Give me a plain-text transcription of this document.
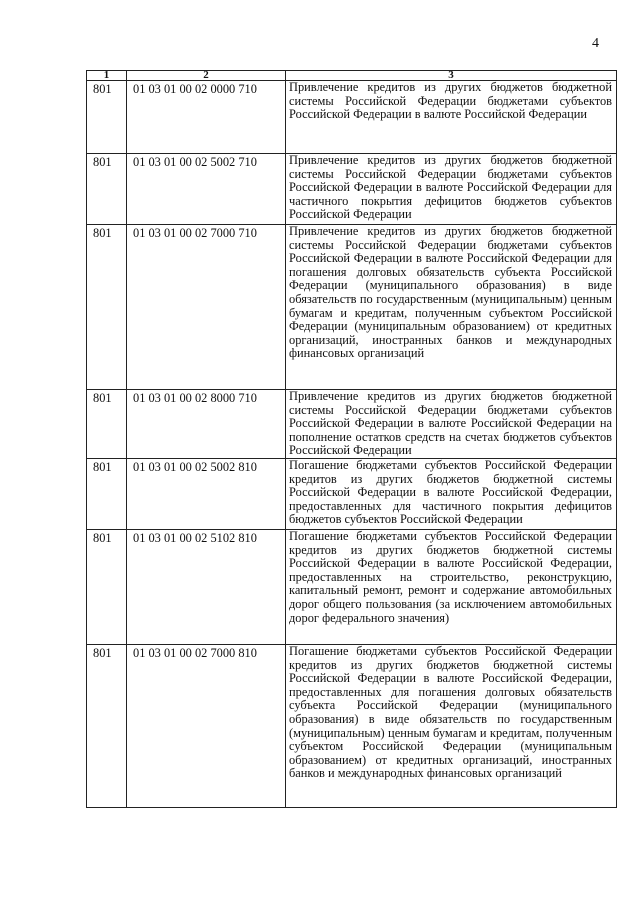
4
1	2	3
801	01 03 01 00 02 0000 710	Привлечение кредитов из других бюджетов бюджетной системы Российской Федерации бюджетами субъектов Российской Федерации в валюте Российской Федерации
801	01 03 01 00 02 5002 710	Привлечение кредитов из других бюджетов бюджетной системы Российской Федерации бюджетами субъектов Российской Федерации в валюте Российской Федерации для частичного покрытия дефицитов бюджетов субъектов Российской Федерации
801	01 03 01 00 02 7000 710	Привлечение кредитов из других бюджетов бюджетной системы Российской Федерации бюджетами субъектов Российской Федерации в валюте Российской Федерации для погашения долговых обязательств субъекта Российской Федерации (муниципального образования) в виде обязательств по государственным (муниципальным) ценным бумагам и кредитам, полученным субъектом Российской Федерации (муниципальным образованием) от кредитных организаций, иностранных банков и международных финансовых организаций
801	01 03 01 00 02 8000 710	Привлечение кредитов из других бюджетов бюджетной системы Российской Федерации бюджетами субъектов Российской Федерации в валюте Российской Федерации на пополнение остатков средств на счетах бюджетов субъектов Российской Федерации
801	01 03 01 00 02 5002 810	Погашение бюджетами субъектов Российской Федерации кредитов из других бюджетов бюджетной системы Российской Федерации в валюте Российской Федерации, предоставленных для частичного покрытия дефицитов бюджетов субъектов Российской Федерации
801	01 03 01 00 02 5102 810	Погашение бюджетами субъектов Российской Федерации кредитов из других бюджетов бюджетной системы Российской Федерации в валюте Российской Федерации, предоставленных на строительство, реконструкцию, капитальный ремонт, ремонт и содержание автомобильных дорог общего пользования (за исключением автомобильных дорог федерального значения)
801	01 03 01 00 02 7000 810	Погашение бюджетами субъектов Российской Федерации кредитов из других бюджетов бюджетной системы Российской Федерации в валюте Российской Федерации, предоставленных для погашения долговых обязательств субъекта Российской Федерации (муниципального образования) в виде обязательств по государственным (муниципальным) ценным бумагам и кредитам, полученным субъектом Российской Федерации (муниципальным образованием) от кредитных организаций, иностранных банков и международных финансовых организаций
